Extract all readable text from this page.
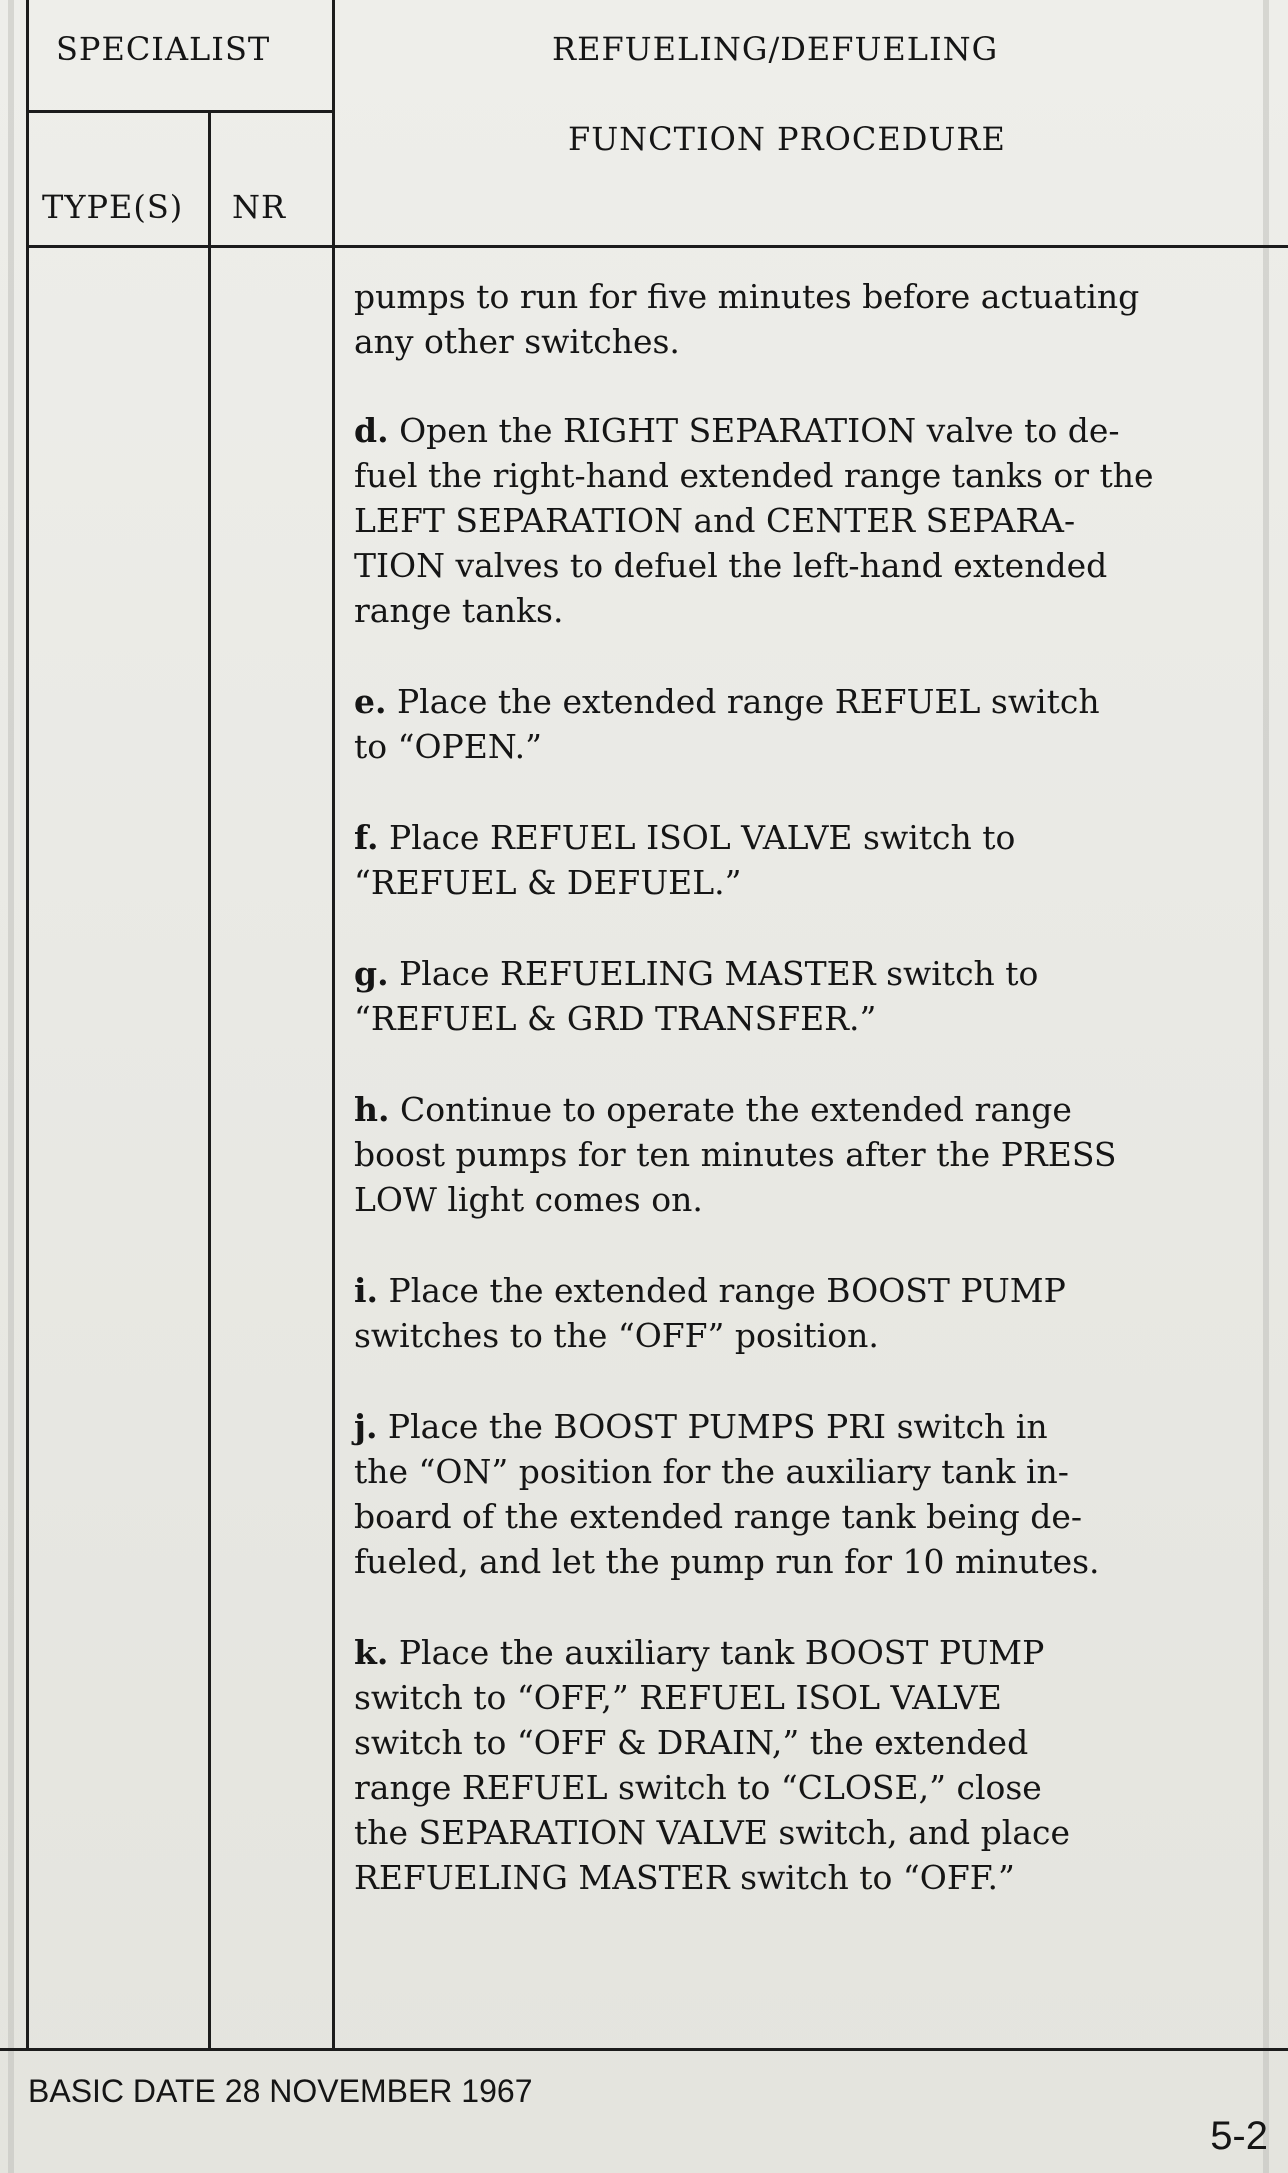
SPECIALIST
TYPE(S) NR
REFUELING/DEFUELING
FUNCTION PROCEDURE

pumps to run for five minutes before actuating
any other switches.

d. Open the RIGHT SEPARATION valve to de-
fuel the right-hand extended range tanks or the
LEFT SEPARATION and CENTER SEPARA-
TION valves to defuel the left-hand extended
range tanks.

e. Place the extended range REFUEL switch
to “OPEN.”

f. Place REFUEL ISOL VALVE switch to
“REFUEL & DEFUEL.”

g. Place REFUELING MASTER switch to
“REFUEL & GRD TRANSFER.”

h. Continue to operate the extended range
boost pumps for ten minutes after the PRESS
LOW light comes on.

i. Place the extended range BOOST PUMP
switches to the “OFF” position.

j. Place the BOOST PUMPS PRI switch in
the “ON” position for the auxiliary tank in-
board of the extended range tank being de-
fueled, and let the pump run for 10 minutes.

k. Place the auxiliary tank BOOST PUMP
switch to “OFF,” REFUEL ISOL VALVE
switch to “OFF & DRAIN,” the extended
range REFUEL switch to “CLOSE,” close
the SEPARATION VALVE switch, and place
REFUELING MASTER switch to “OFF.”

BASIC DATE 28 NOVEMBER 1967
5-2
